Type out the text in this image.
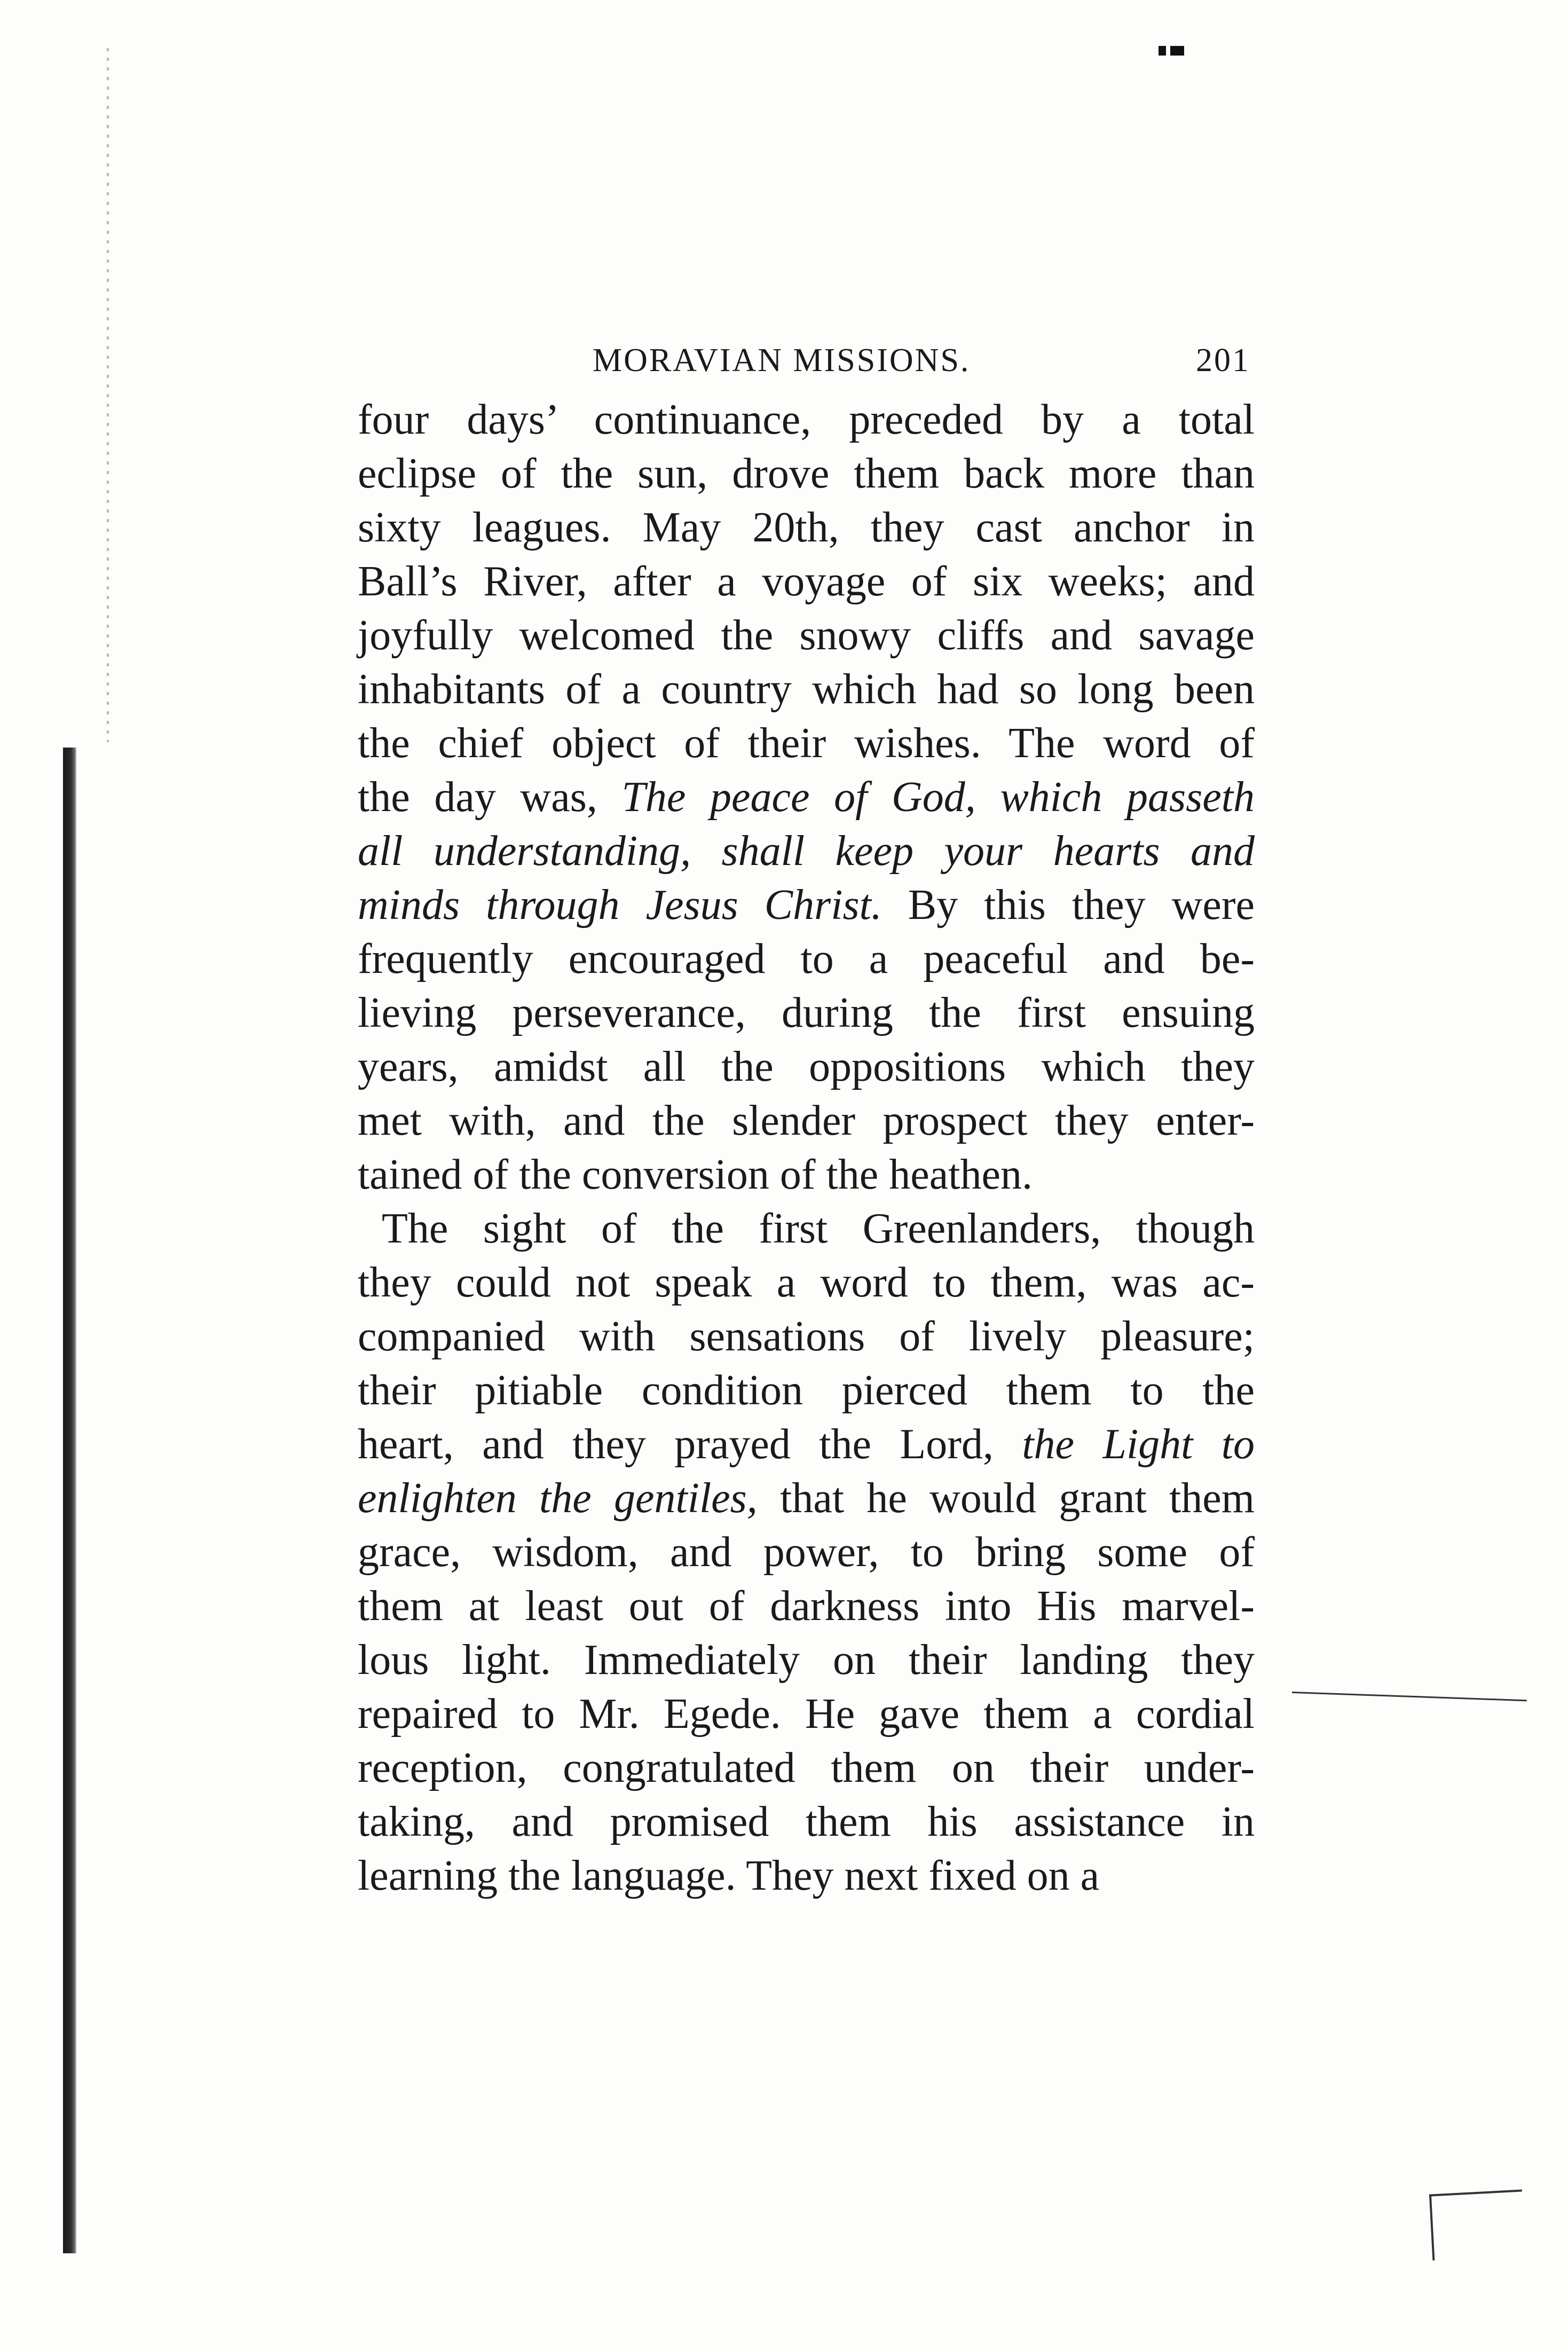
MORAVIAN MISSIONS.	201

four days’ continuance, preceded by a total
eclipse of the sun, drove them back more than
sixty leagues. May 20th, they cast anchor in
Ball’s River, after a voyage of six weeks; and
joyfully welcomed the snowy cliffs and savage
inhabitants of a country which had so long been
the chief object of their wishes. The word of
the day was, The peace of God, which passeth
all understanding, shall keep your hearts and
minds through Jesus Christ. By this they were
frequently encouraged to a peaceful and be-
lieving perseverance, during the first ensuing
years, amidst all the oppositions which they
met with, and the slender prospect they enter-
tained of the conversion of the heathen.

The sight of the first Greenlanders, though
they could not speak a word to them, was ac-
companied with sensations of lively pleasure;
their pitiable condition pierced them to the
heart, and they prayed the Lord, the Light to
enlighten the gentiles, that he would grant them
grace, wisdom, and power, to bring some of
them at least out of darkness into His marvel-
lous light. Immediately on their landing they
repaired to Mr. Egede. He gave them a cordial
reception, congratulated them on their under-
taking, and promised them his assistance in
learning the language. They next fixed on a
